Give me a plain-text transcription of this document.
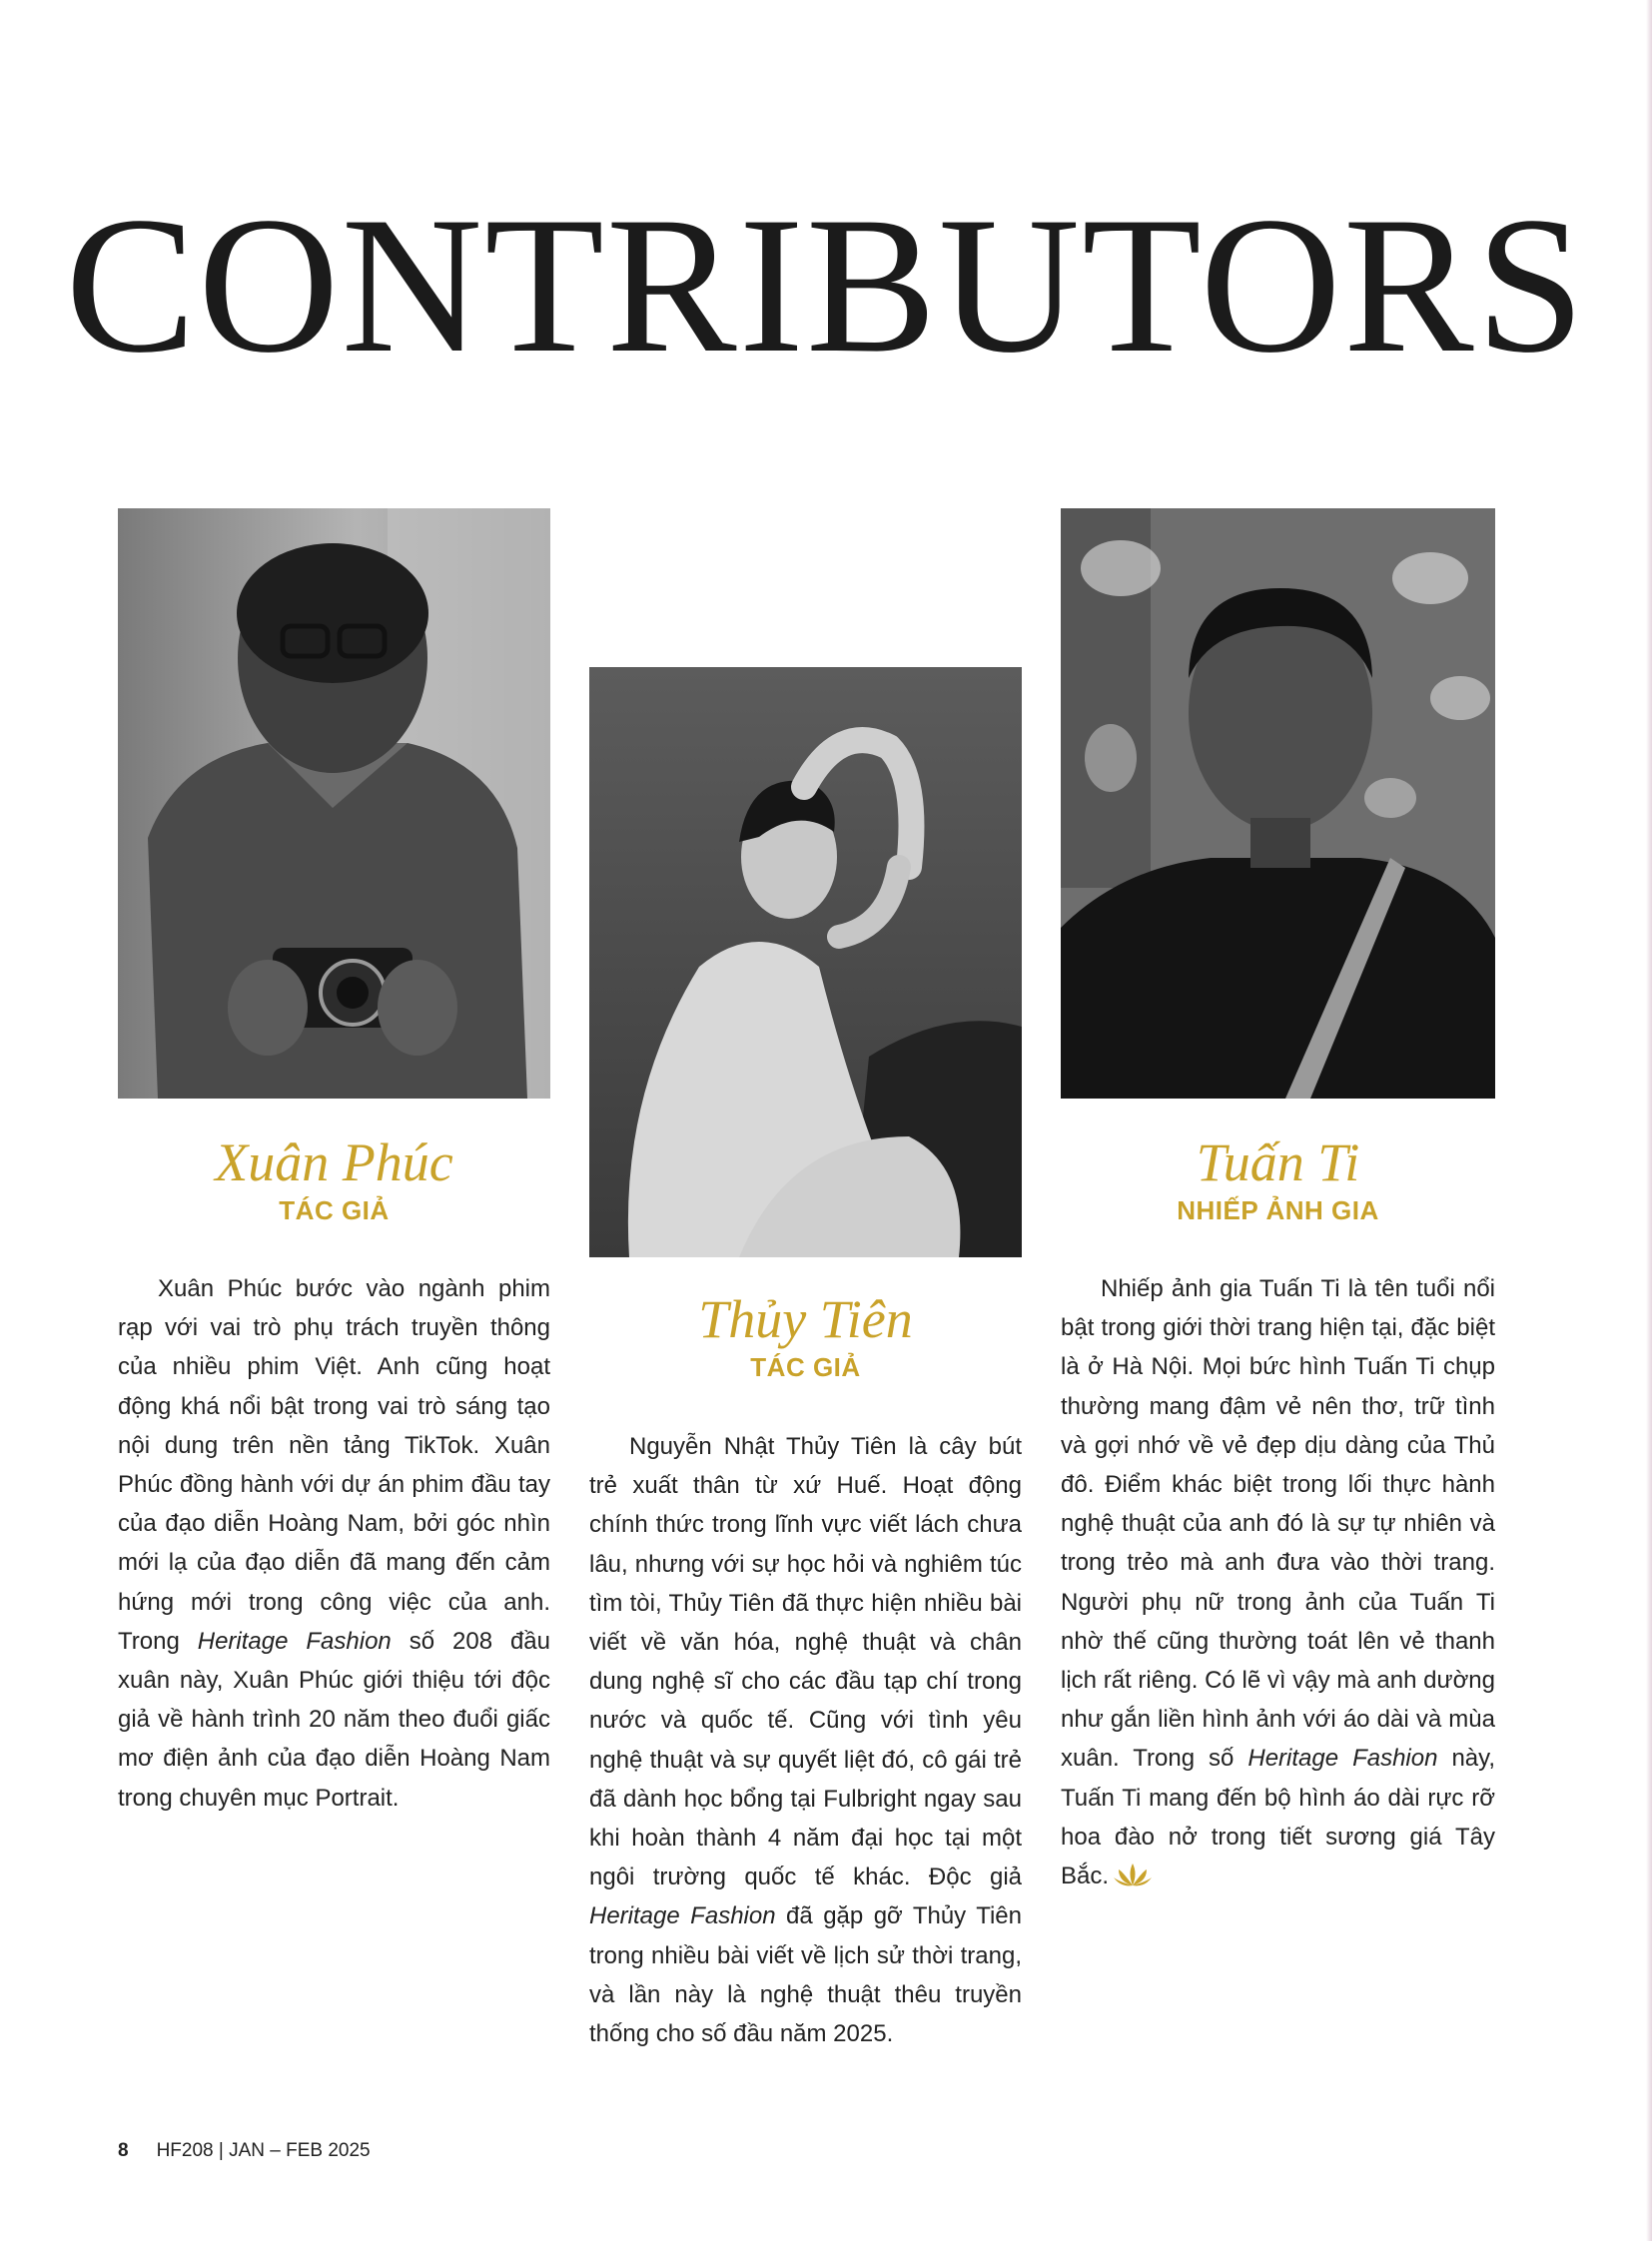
CONTRIBUTORS
Xuân Phúc
TÁC GIẢ

Xuân Phúc bước vào ngành phim rạp với vai trò phụ trách truyền thông của nhiều phim Việt. Anh cũng hoạt động khá nổi bật trong vai trò sáng tạo nội dung trên nền tảng TikTok. Xuân Phúc đồng hành với dự án phim đầu tay của đạo diễn Hoàng Nam, bởi góc nhìn mới lạ của đạo diễn đã mang đến cảm hứng mới trong công việc của anh. Trong Heritage Fashion số 208 đầu xuân này, Xuân Phúc giới thiệu tới độc giả về hành trình 20 năm theo đuổi giấc mơ điện ảnh của đạo diễn Hoàng Nam trong chuyên mục Portrait.

Thủy Tiên
TÁC GIẢ

Nguyễn Nhật Thủy Tiên là cây bút trẻ xuất thân từ xứ Huế. Hoạt động chính thức trong lĩnh vực viết lách chưa lâu, nhưng với sự học hỏi và nghiêm túc tìm tòi, Thủy Tiên đã thực hiện nhiều bài viết về văn hóa, nghệ thuật và chân dung nghệ sĩ cho các đầu tạp chí trong nước và quốc tế. Cũng với tình yêu nghệ thuật và sự quyết liệt đó, cô gái trẻ đã dành học bổng tại Fulbright ngay sau khi hoàn thành 4 năm đại học tại một ngôi trường quốc tế khác. Độc giả Heritage Fashion đã gặp gỡ Thủy Tiên trong nhiều bài viết về lịch sử thời trang, và lần này là nghệ thuật thêu truyền thống cho số đầu năm 2025.

Tuấn Ti
NHIẾP ẢNH GIA

Nhiếp ảnh gia Tuấn Ti là tên tuổi nổi bật trong giới thời trang hiện tại, đặc biệt là ở Hà Nội. Mọi bức hình Tuấn Ti chụp thường mang đậm vẻ nên thơ, trữ tình và gợi nhớ về vẻ đẹp dịu dàng của Thủ đô. Điểm khác biệt trong lối thực hành nghệ thuật của anh đó là sự tự nhiên và trong trẻo mà anh đưa vào thời trang. Người phụ nữ trong ảnh của Tuấn Ti nhờ thế cũng thường toát lên vẻ thanh lịch rất riêng. Có lẽ vì vậy mà anh dường như gắn liền hình ảnh với áo dài và mùa xuân. Trong số Heritage Fashion này, Tuấn Ti mang đến bộ hình áo dài rực rỡ hoa đào nở trong tiết sương giá Tây Bắc.

8 HF208 | JAN – FEB 2025
